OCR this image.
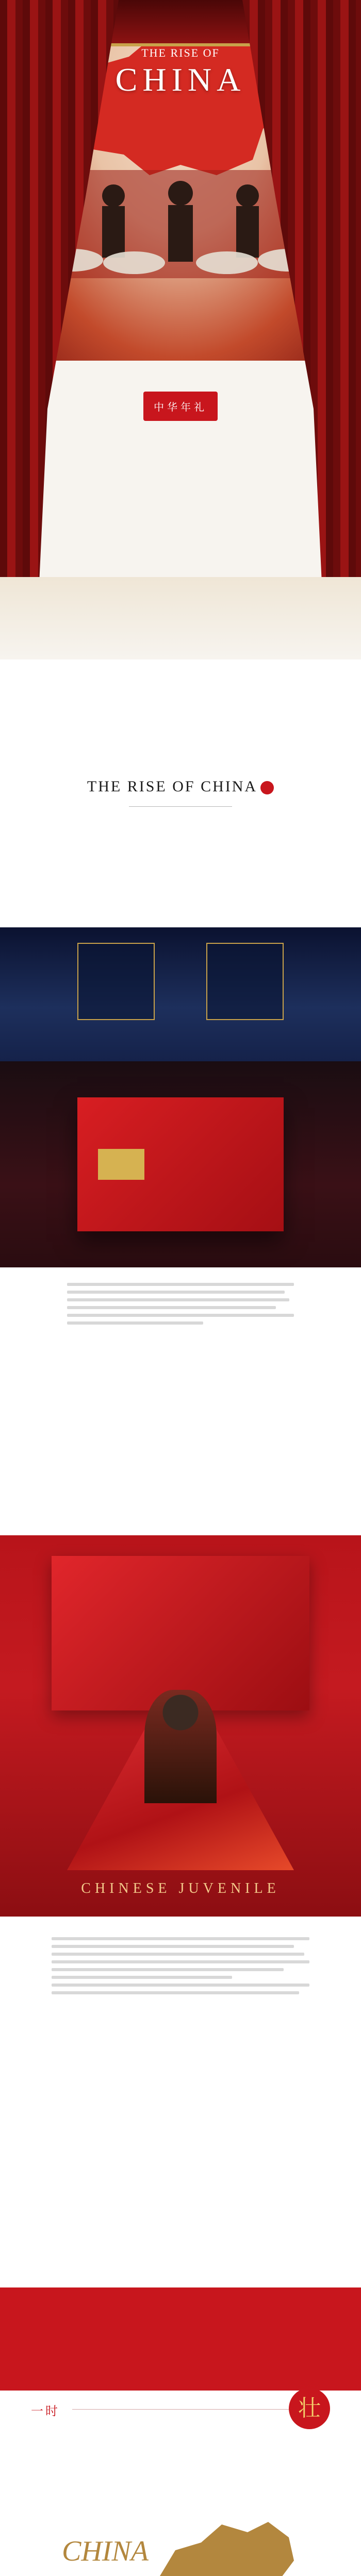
THE RISE OF
CHINA
中华年礼
THE RISE OF CHINA
CHINESE JUVENILE
一时	壮
CHINA
